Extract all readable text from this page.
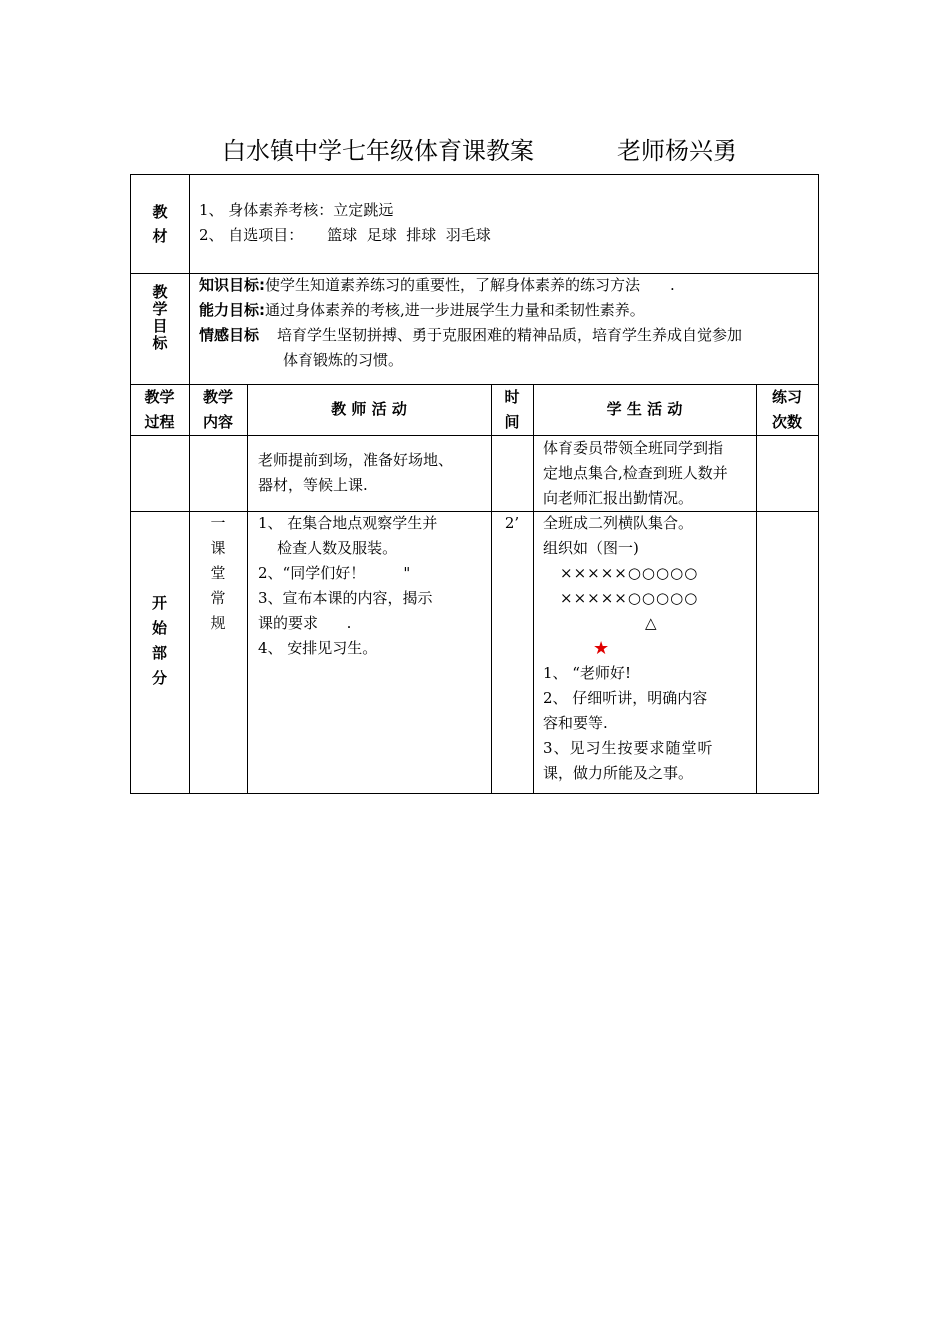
白水镇中学七年级体育课教案	老师杨兴勇
教材
1、 身体素养考核：立定跳远
2、 自选项目：     篮球  足球  排球  羽毛球
教学目标
知识目标:使学生知道素养练习的重要性，了解身体素养的练习方法 .
能力目标:通过身体素养的考核,进一步进展学生力量和柔韧性素养。
情感目标 培育学生坚韧拼搏、勇于克服困难的精神品质，培育学生养成自觉参加
体育锻炼的习惯。
教学
过程
教学
内容
教 师 活 动
时
间
学 生 活 动
练习
次数
老师提前到场，准备好场地、
器材，等候上课.
体育委员带领全班同学到指
定地点集合,检查到班人数并
向老师汇报出勤情况。
开
始
部
分
一
课
堂
常
规
1、 在集合地点观察学生并
检查人数及服装。
2、“同学们好！        "
3、宣布本课的内容，揭示
课的要求      .
4、 安排见习生。
2’	全班成二列横队集合。
组织如（图一)
×××××○○○○○
×××××○○○○○
△
★
1、 “老师好!
2、 仔细听讲，明确内容
容和要等.
3、见习生按要求随堂听
课，做力所能及之事。
